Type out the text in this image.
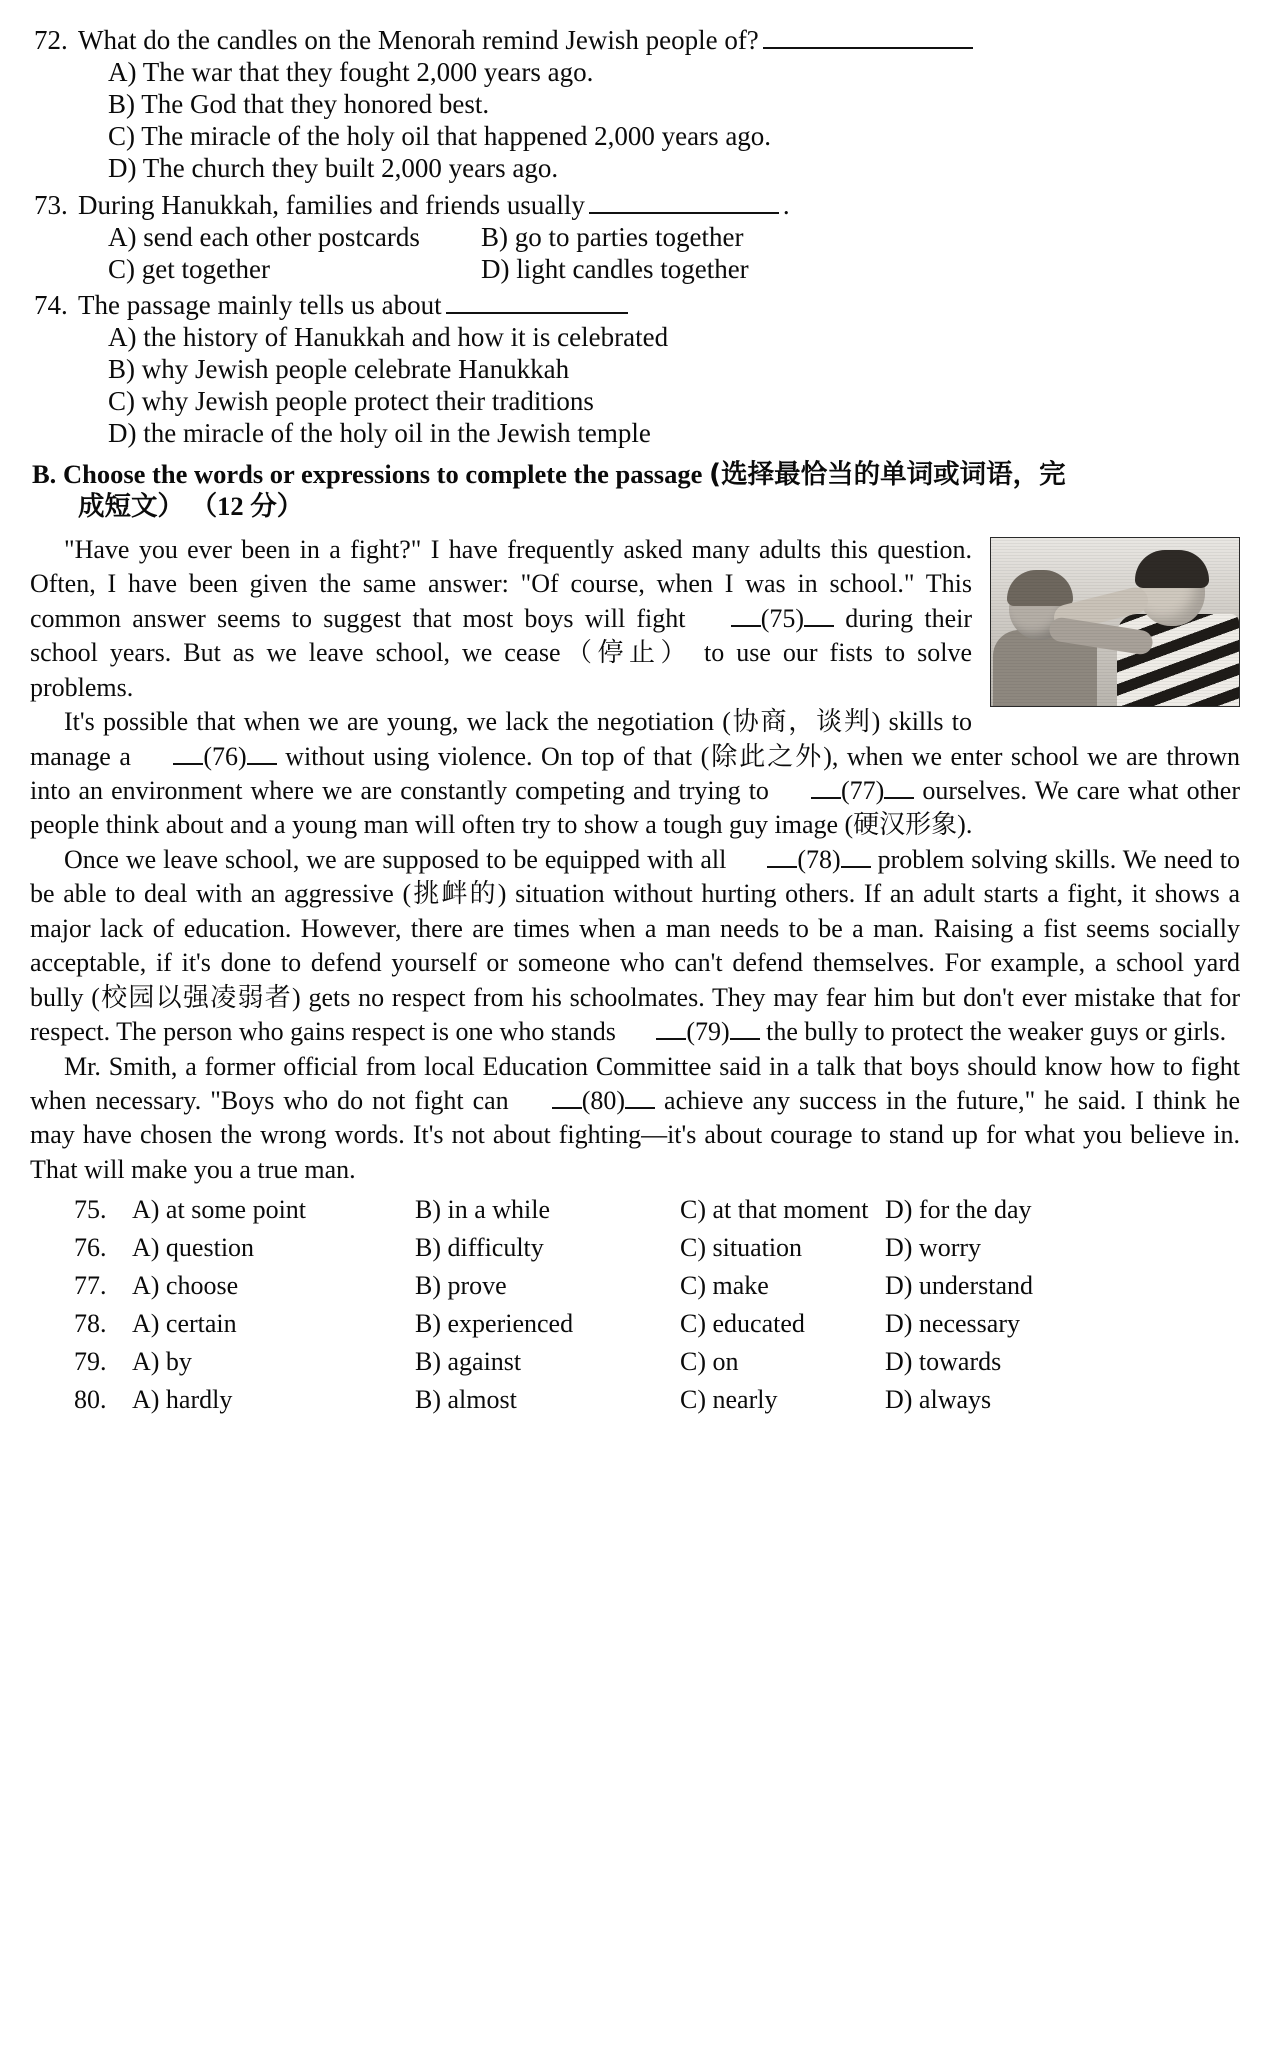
72. What do the candles on the Menorah remind Jewish people of?
A) The war that they fought 2,000 years ago.
B) The God that they honored best.
C) The miracle of the holy oil that happened 2,000 years ago.
D) The church they built 2,000 years ago.
73. During Hanukkah, families and friends usually	.
A) send each other postcards	B) go to parties together
C) get together	D) light candles together
74. The passage mainly tells us about
A) the history of Hanukkah and how it is celebrated
B) why Jewish people celebrate Hanukkah
C) why Jewish people protect their traditions
D) the miracle of the holy oil in the Jewish temple
B. Choose the words or expressions to complete the passage (选择最恰当的单词或词语，完
成短文） （12 分）

"Have you ever been in a fight?" I have frequently asked many adults this question. Often, I have been given the same answer: "Of course, when I was in school." This common answer seems to suggest that most boys will fight (75) during their school years. But as we leave school, we cease（停止） to use our fists to solve problems.

It's possible that when we are young, we lack the negotiation (协商，谈判) skills to manage a (76) without using violence. On top of that (除此之外), when we enter school we are thrown into an environment where we are constantly competing and trying to (77) ourselves. We care what other people think about and a young man will often try to show a tough guy image (硬汉形象).

Once we leave school, we are supposed to be equipped with all (78) problem solving skills. We need to be able to deal with an aggressive (挑衅的) situation without hurting others. If an adult starts a fight, it shows a major lack of education. However, there are times when a man needs to be a man. Raising a fist seems socially acceptable, if it's done to defend yourself or someone who can't defend themselves. For example, a school yard bully (校园以强凌弱者) gets no respect from his schoolmates. They may fear him but don't ever mistake that for respect. The person who gains respect is one who stands (79) the bully to protect the weaker guys or girls.

Mr. Smith, a former official from local Education Committee said in a talk that boys should know how to fight when necessary. "Boys who do not fight can (80) achieve any success in the future," he said. I think he may have chosen the wrong words. It's not about fighting—it's about courage to stand up for what you believe in. That will make you a true man.

75. A) at some point	B) in a while	C) at that moment D) for the day
76. A) question	B) difficulty	C) situation	D) worry
77. A) choose	B) prove	C) make	D) understand
78. A) certain	B) experienced	C) educated	D) necessary
79. A) by	B) against	C) on	D) towards
80. A) hardly	B) almost	C) nearly	D) always
